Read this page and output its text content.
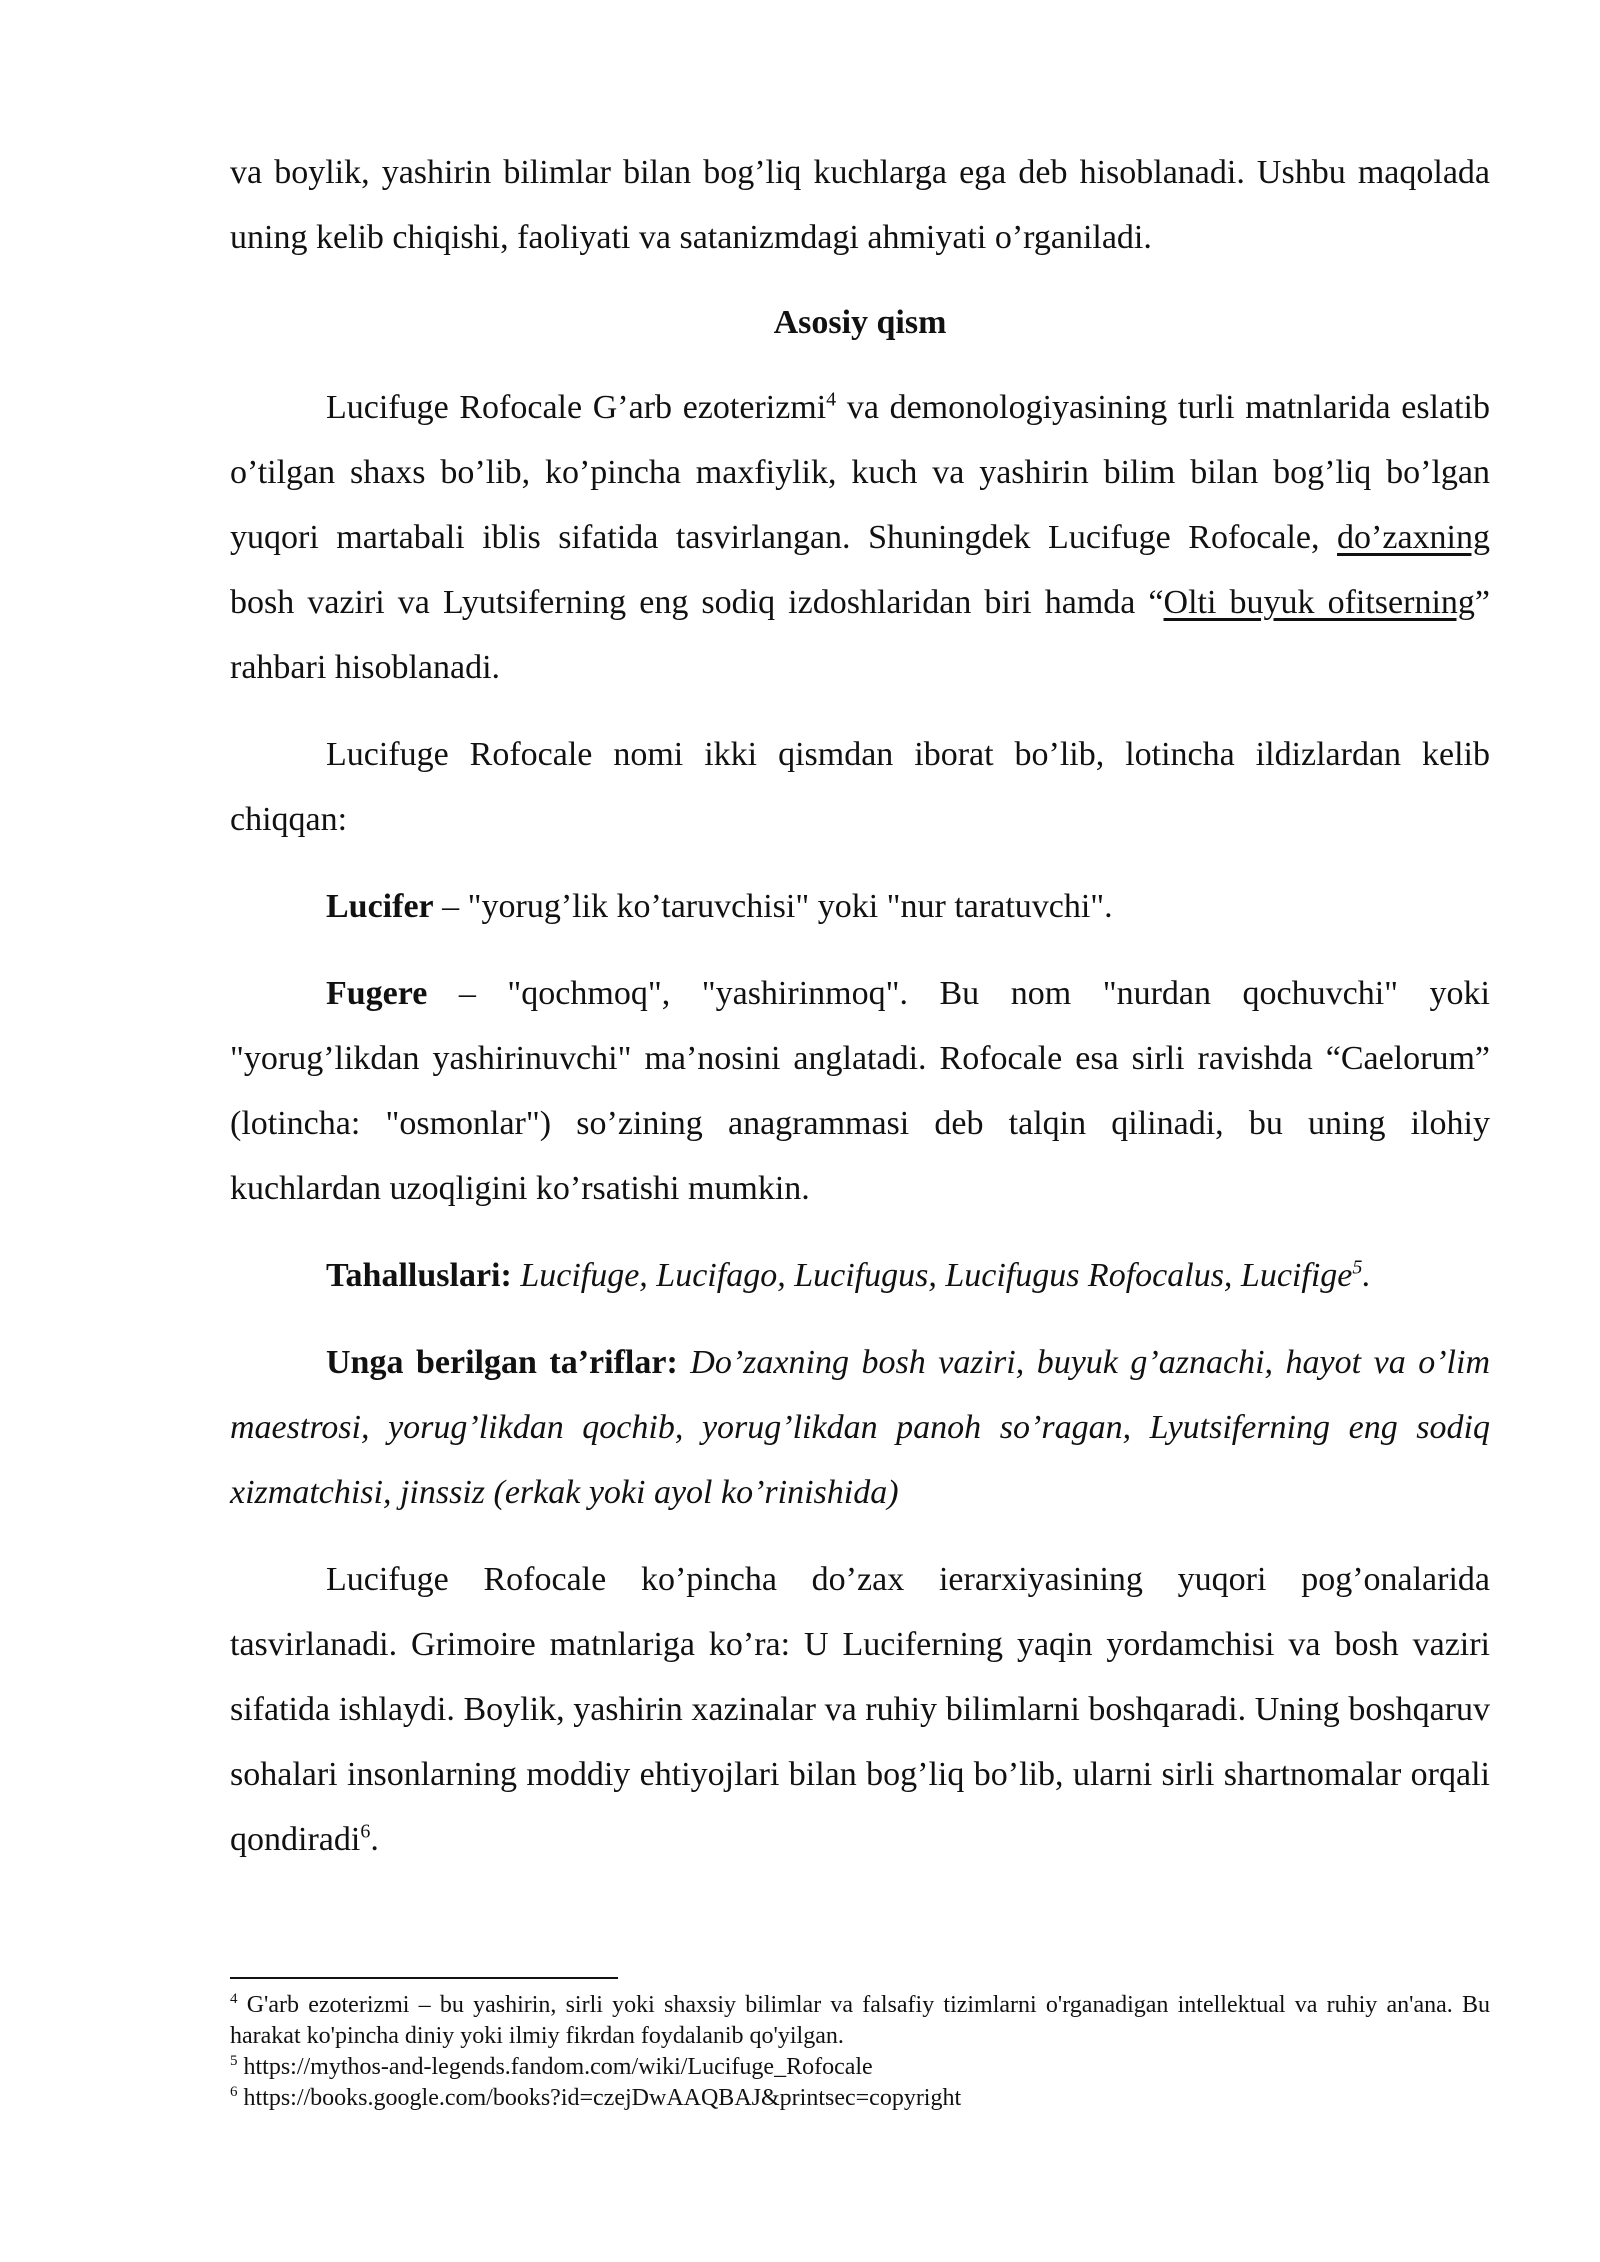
va boylik, yashirin bilimlar bilan bog’liq kuchlarga ega deb hisoblanadi. Ushbu maqolada uning kelib chiqishi, faoliyati va satanizmdagi ahmiyati o’rganiladi.

Asosiy qism

Lucifuge Rofocale G’arb ezoterizmi$^4$ va demonologiyasining turli matnlarida eslatib o’tilgan shaxs bo’lib, ko’pincha maxfiylik, kuch va yashirin bilim bilan bog’liq bo’lgan yuqori martabali iblis sifatida tasvirlangan. Shuningdek Lucifuge Rofocale, do’zaxning bosh vaziri va Lyutsiferning eng sodiq izdoshlaridan biri hamda “Olti buyuk ofitserning” rahbari hisoblanadi.

Lucifuge Rofocale nomi ikki qismdan iborat bo’lib, lotincha ildizlardan kelib chiqqan:

Lucifer – "yorug’lik ko’taruvchisi" yoki "nur taratuvchi".

Fugere – "qochmoq", "yashirinmoq". Bu nom "nurdan qochuvchi" yoki "yorug’likdan yashirinuvchi" ma’nosini anglatadi. Rofocale esa sirli ravishda “Caelorum” (lotincha: "osmonlar") so’zining anagrammasi deb talqin qilinadi, bu uning ilohiy kuchlardan uzoqligini ko’rsatishi mumkin.

Tahalluslari: Lucifuge, Lucifago, Lucifugus, Lucifugus Rofocalus, Lucifige$^5$.

Unga berilgan ta’riflar: Do’zaxning bosh vaziri, buyuk g’aznachi, hayot va o’lim maestrosi, yorug’likdan qochib, yorug’likdan panoh so’ragan, Lyutsiferning eng sodiq xizmatchisi, jinssiz (erkak yoki ayol ko’rinishida)

Lucifuge Rofocale ko’pincha do’zax ierarxiyasining yuqori pog’onalarida tasvirlanadi. Grimoire matnlariga ko’ra: U Luciferning yaqin yordamchisi va bosh vaziri sifatida ishlaydi. Boylik, yashirin xazinalar va ruhiy bilimlarni boshqaradi. Uning boshqaruv sohalari insonlarning moddiy ehtiyojlari bilan bog’liq bo’lib, ularni sirli shartnomalar orqali qondiradi$^6$.

$^4$ G'arb ezoterizmi – bu yashirin, sirli yoki shaxsiy bilimlar va falsafiy tizimlarni o'rganadigan intellektual va ruhiy an'ana. Bu harakat ko'pincha diniy yoki ilmiy fikrdan foydalanib qo'yilgan.

$^5$ https://mythos-and-legends.fandom.com/wiki/Lucifuge_Rofocale

$^6$ https://books.google.com/books?id=czejDwAAQBAJ&printsec=copyright
